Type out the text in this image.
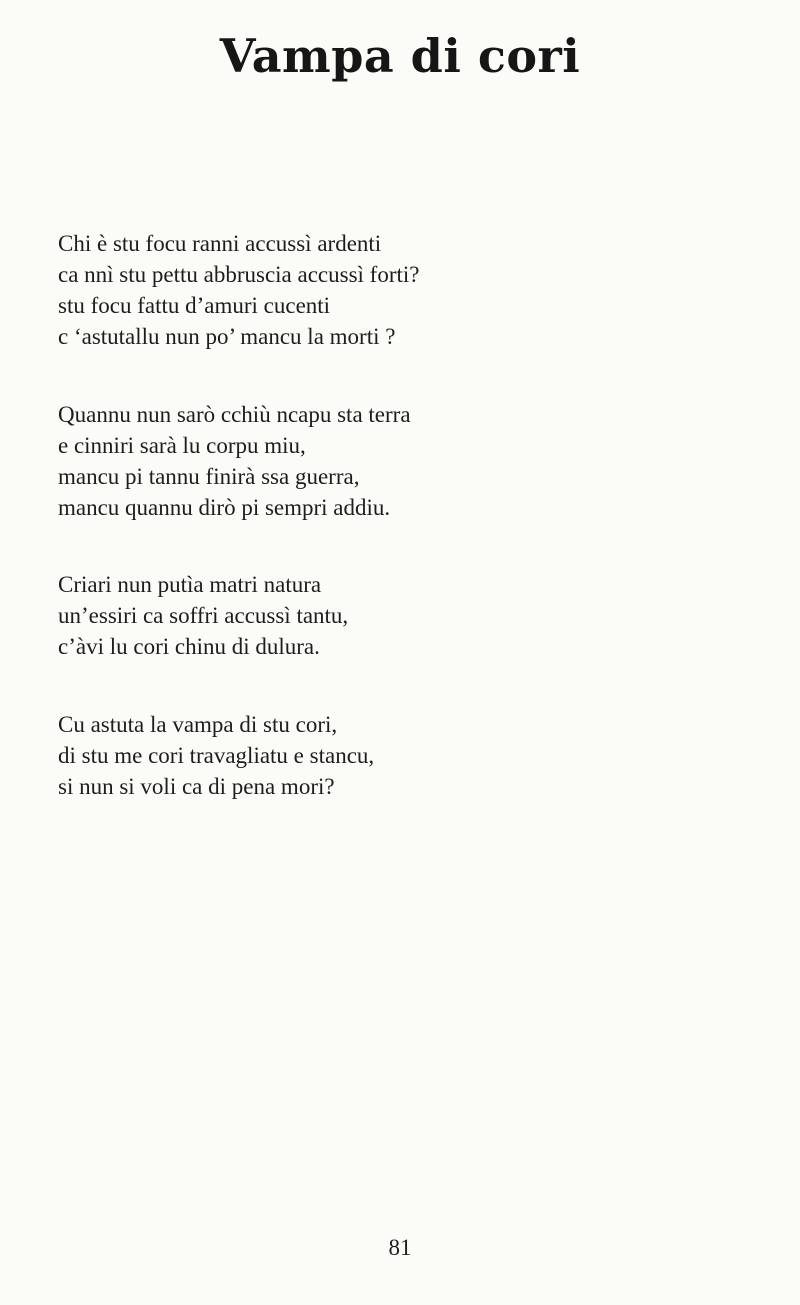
Vampa di cori
Chi è stu focu ranni accussì ardenti
ca nnì stu pettu abbruscia accussì forti?
stu focu fattu d’amuri cucenti
c ‘astutallu nun po’ mancu la morti ?
Quannu nun sarò cchiù ncapu sta terra
e cinniri sarà lu corpu miu,
mancu pi tannu finirà ssa guerra,
mancu quannu dirò pi sempri addiu.
Criari nun putìa matri natura
un’essiri ca soffri accussì tantu,
c’àvi lu cori chinu di dulura.
Cu astuta la vampa di stu cori,
di stu me cori travagliatu e stancu,
si nun si voli ca di pena mori?
81
